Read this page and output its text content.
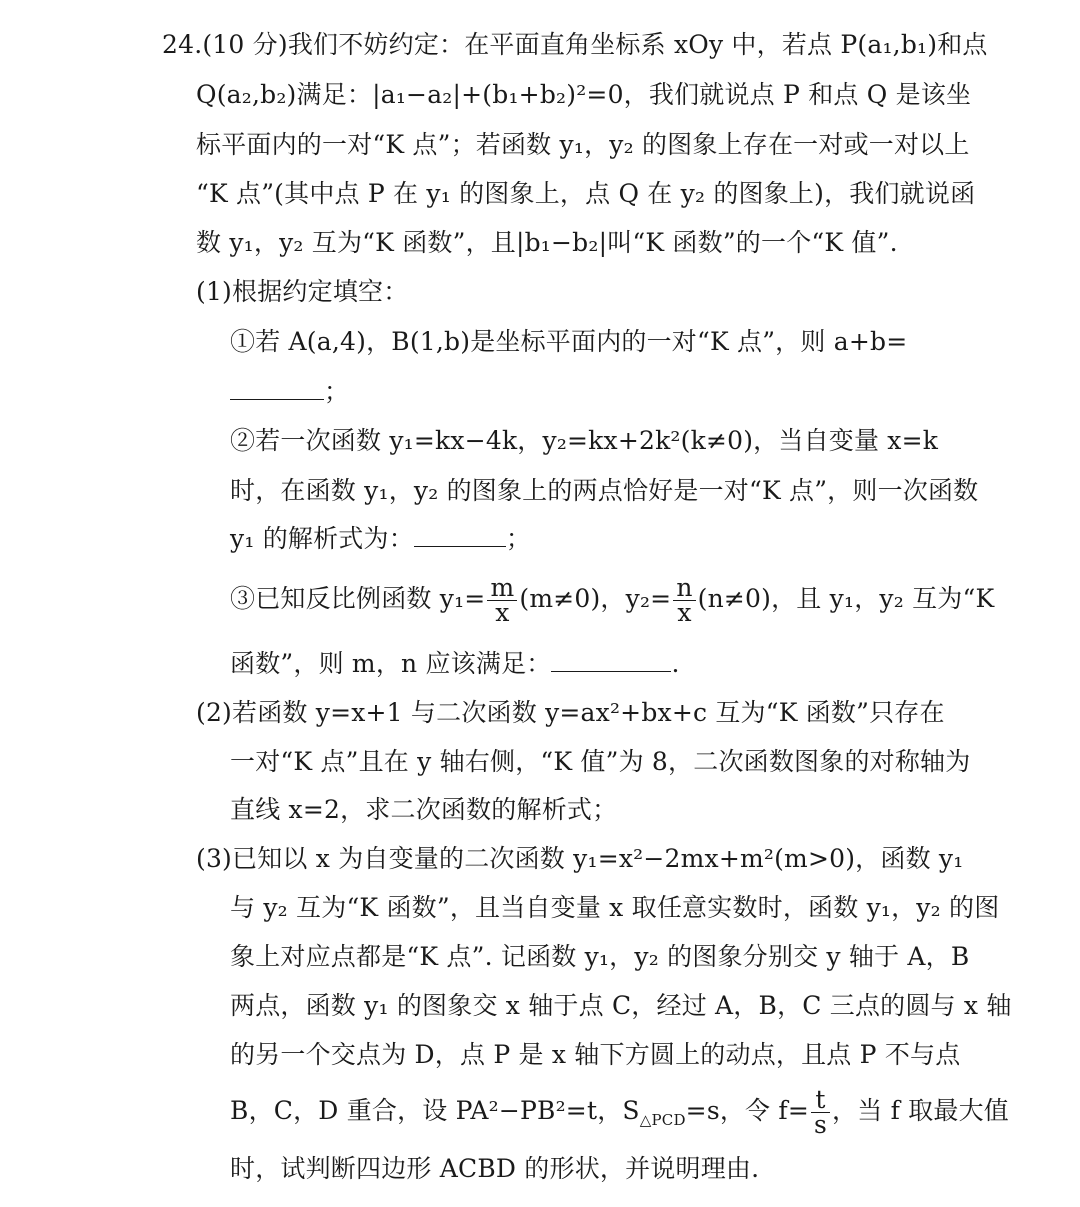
24.(10 分)我们不妨约定：在平面直角坐标系 xOy 中，若点 P(a₁,b₁)和点
Q(a₂,b₂)满足：|a₁−a₂|+(b₁+b₂)²=0，我们就说点 P 和点 Q 是该坐
标平面内的一对“K 点”；若函数 y₁，y₂ 的图象上存在一对或一对以上
“K 点”(其中点 P 在 y₁ 的图象上，点 Q 在 y₂ 的图象上)，我们就说函
数 y₁，y₂ 互为“K 函数”，且|b₁−b₂|叫“K 函数”的一个“K 值”.
(1)根据约定填空：
①若 A(a,4)，B(1,b)是坐标平面内的一对“K 点”，则 a+b=
；
②若一次函数 y₁=kx−4k，y₂=kx+2k²(k≠0)，当自变量 x=k
时，在函数 y₁，y₂ 的图象上的两点恰好是一对“K 点”，则一次函数
y₁ 的解析式为：	；
③已知反比例函数 $y_1= \frac{m}{x} (m\ne 0)$，$y_2= \frac{n}{x} (n\ne 0)$，且 y₁，y₂ 互为“K
函数”，则 m，n 应该满足：	.
(2)若函数 y=x+1 与二次函数 y=ax²+bx+c 互为“K 函数”只存在
一对“K 点”且在 y 轴右侧，“K 值”为 8，二次函数图象的对称轴为
直线 x=2，求二次函数的解析式；
(3)已知以 x 为自变量的二次函数 y₁=x²−2mx+m²(m>0)，函数 y₁
与 y₂ 互为“K 函数”，且当自变量 x 取任意实数时，函数 y₁，y₂ 的图
象上对应点都是“K 点”. 记函数 y₁，y₂ 的图象分别交 y 轴于 A，B
两点，函数 y₁ 的图象交 x 轴于点 C，经过 A，B，C 三点的圆与 x 轴
的另一个交点为 D，点 P 是 x 轴下方圆上的动点，且点 P 不与点
B，C，D 重合，设 PA²−PB²=t，$S_{\triangle PCD}=s$，令 $f= \frac{t}{s}$ ，当 f 取最大值
时，试判断四边形 ACBD 的形状，并说明理由.
